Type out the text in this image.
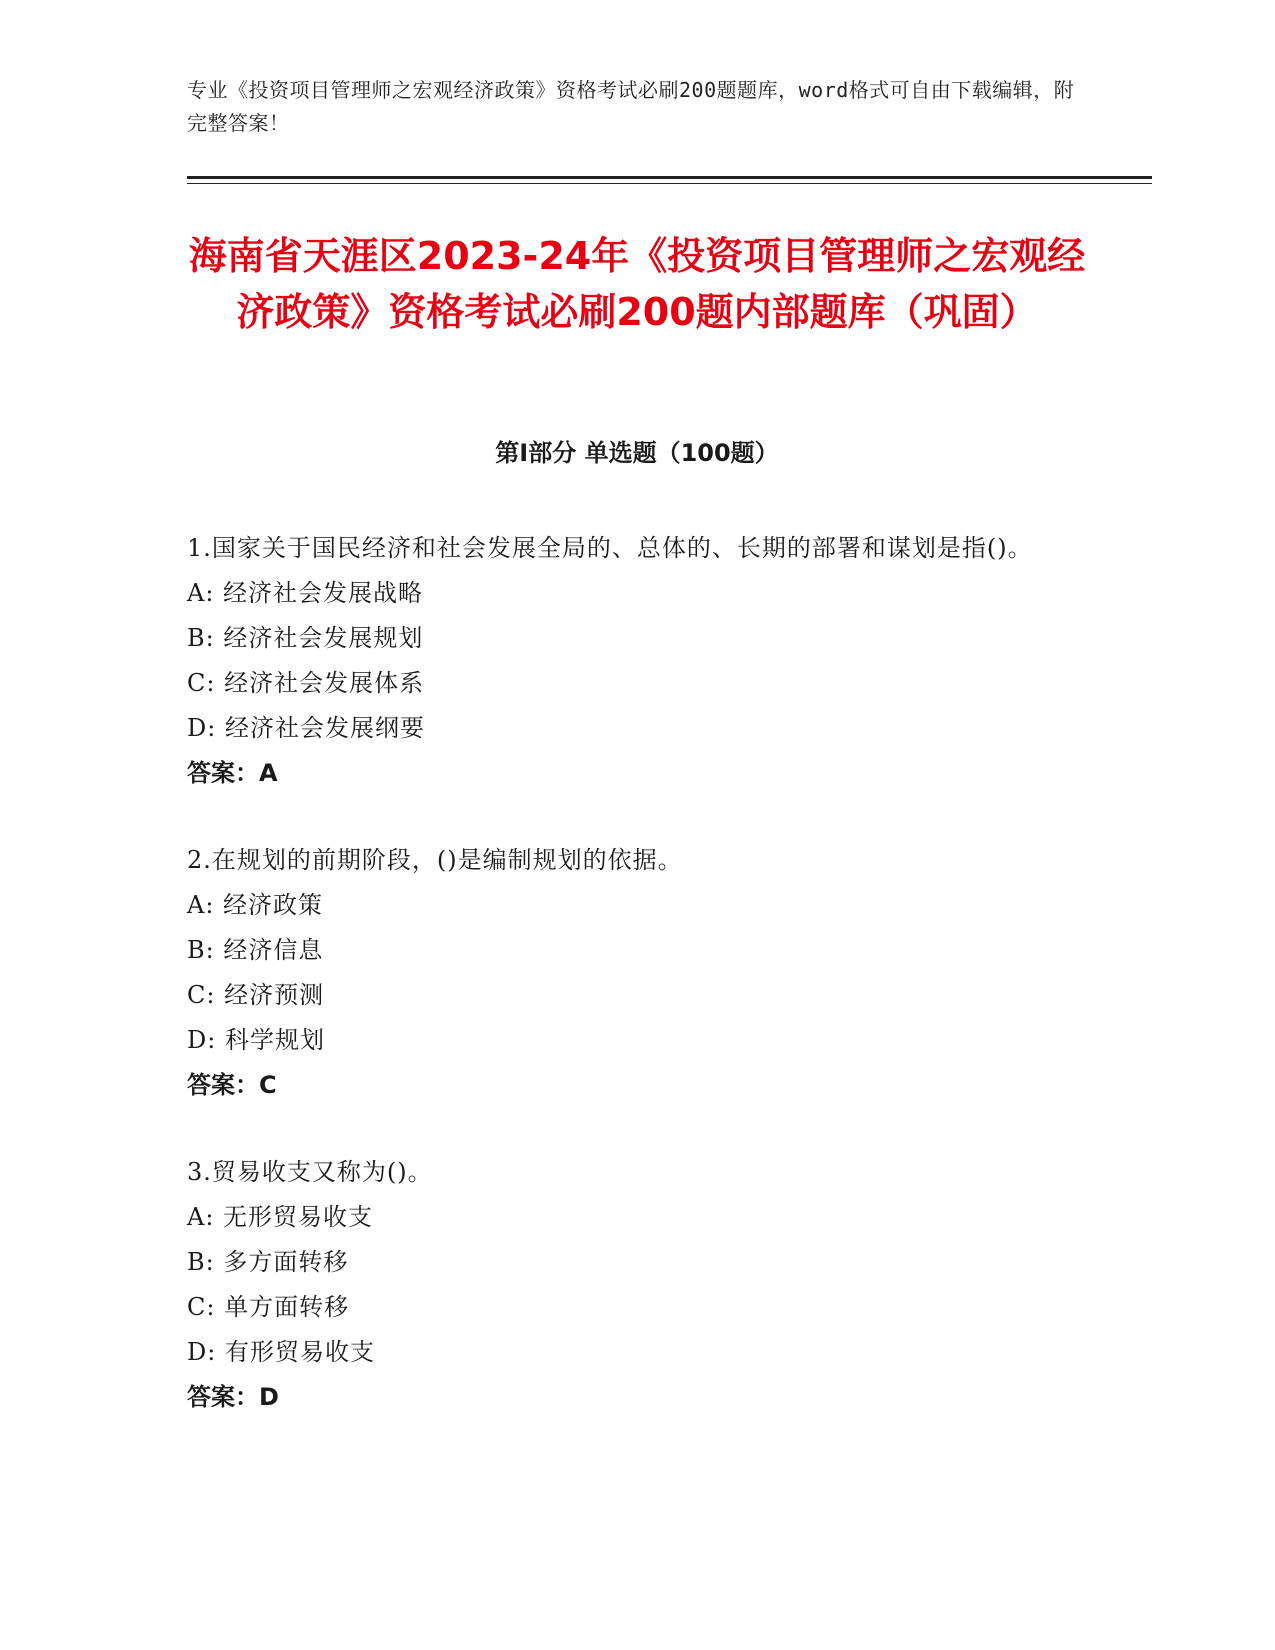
专业《投资项目管理师之宏观经济政策》资格考试必刷200题题库，word格式可自由下载编辑，附完整答案！
海南省天涯区2023-24年《投资项目管理师之宏观经济政策》资格考试必刷200题内部题库（巩固）
第Ⅰ部分 单选题（100题）
1.国家关于国民经济和社会发展全局的、总体的、长期的部署和谋划是指()。
A: 经济社会发展战略
B: 经济社会发展规划
C: 经济社会发展体系
D: 经济社会发展纲要
答案：A
2.在规划的前期阶段，()是编制规划的依据。
A: 经济政策
B: 经济信息
C: 经济预测
D: 科学规划
答案：C
3.贸易收支又称为()。
A: 无形贸易收支
B: 多方面转移
C: 单方面转移
D: 有形贸易收支
答案：D
